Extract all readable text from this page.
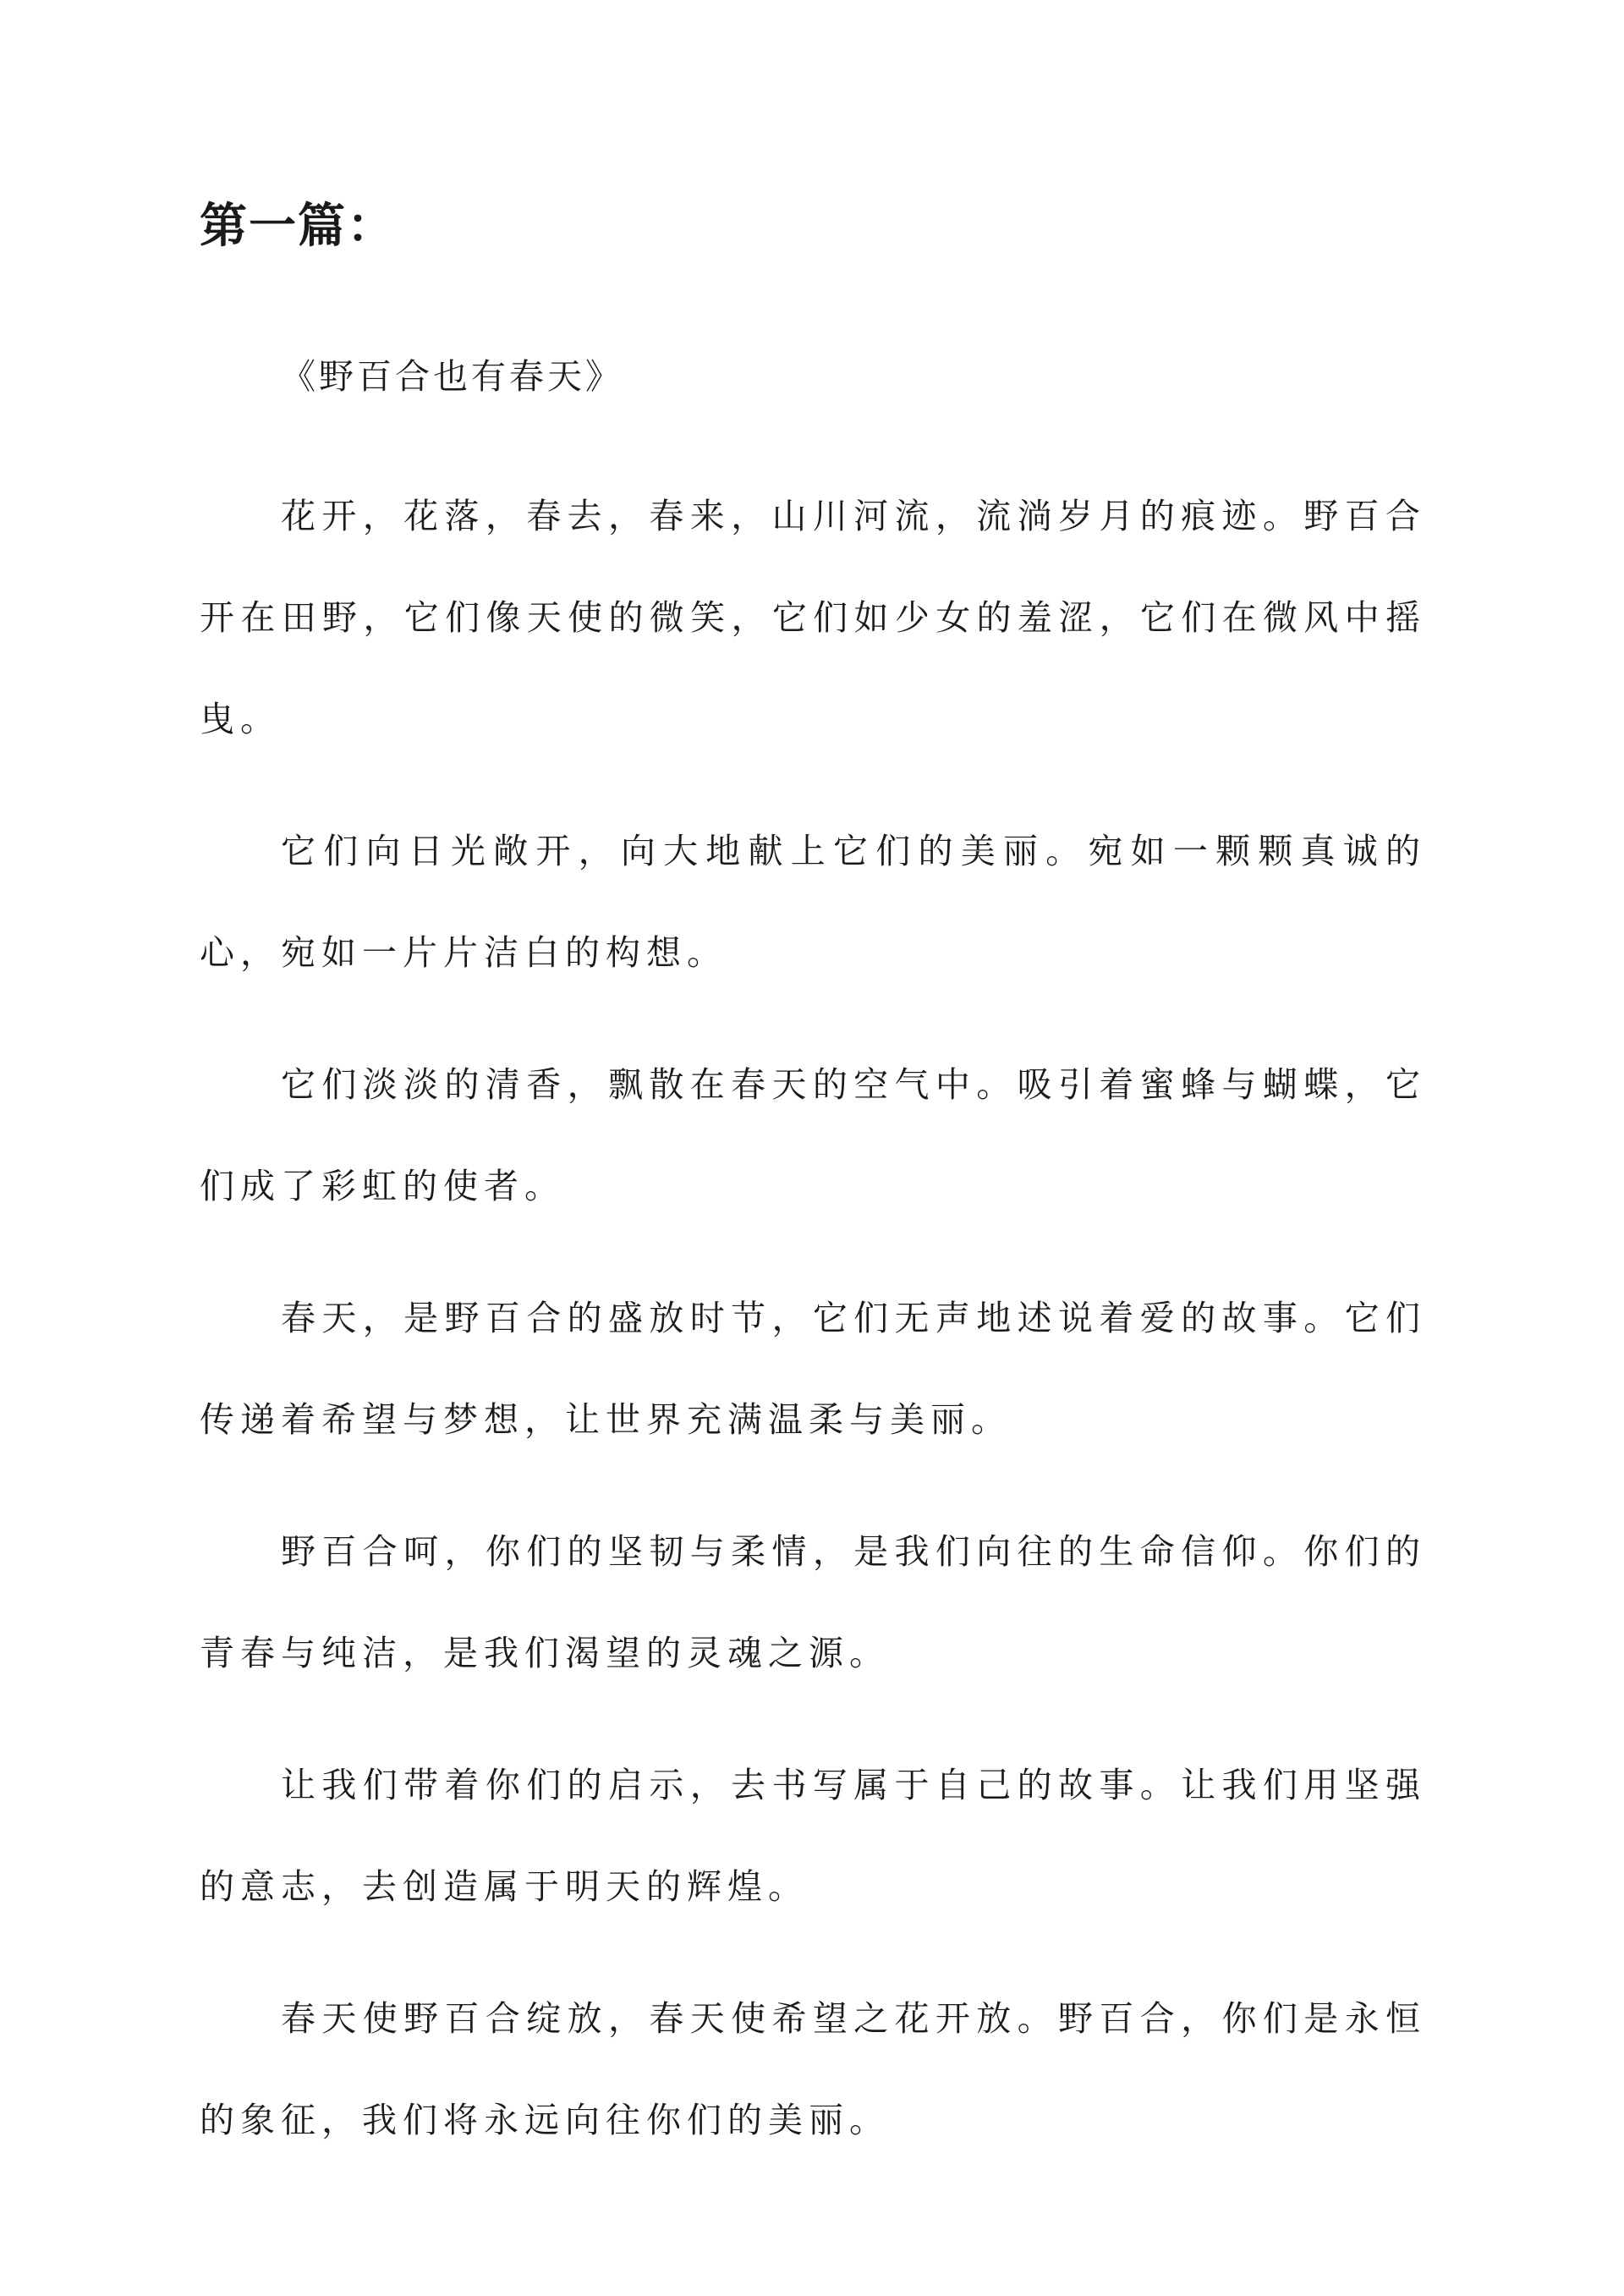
第一篇：

《野百合也有春天》

花开，花落，春去，春来，山川河流，流淌岁月的痕迹。野百合开在田野，它们像天使的微笑，它们如少女的羞涩，它们在微风中摇曳。

它们向日光敞开，向大地献上它们的美丽。宛如一颗颗真诚的心，宛如一片片洁白的构想。

它们淡淡的清香，飘散在春天的空气中。吸引着蜜蜂与蝴蝶，它们成了彩虹的使者。

春天，是野百合的盛放时节，它们无声地述说着爱的故事。它们传递着希望与梦想，让世界充满温柔与美丽。

野百合呵，你们的坚韧与柔情，是我们向往的生命信仰。你们的青春与纯洁，是我们渴望的灵魂之源。

让我们带着你们的启示，去书写属于自己的故事。让我们用坚强的意志，去创造属于明天的辉煌。

春天使野百合绽放，春天使希望之花开放。野百合，你们是永恒的象征，我们将永远向往你们的美丽。
